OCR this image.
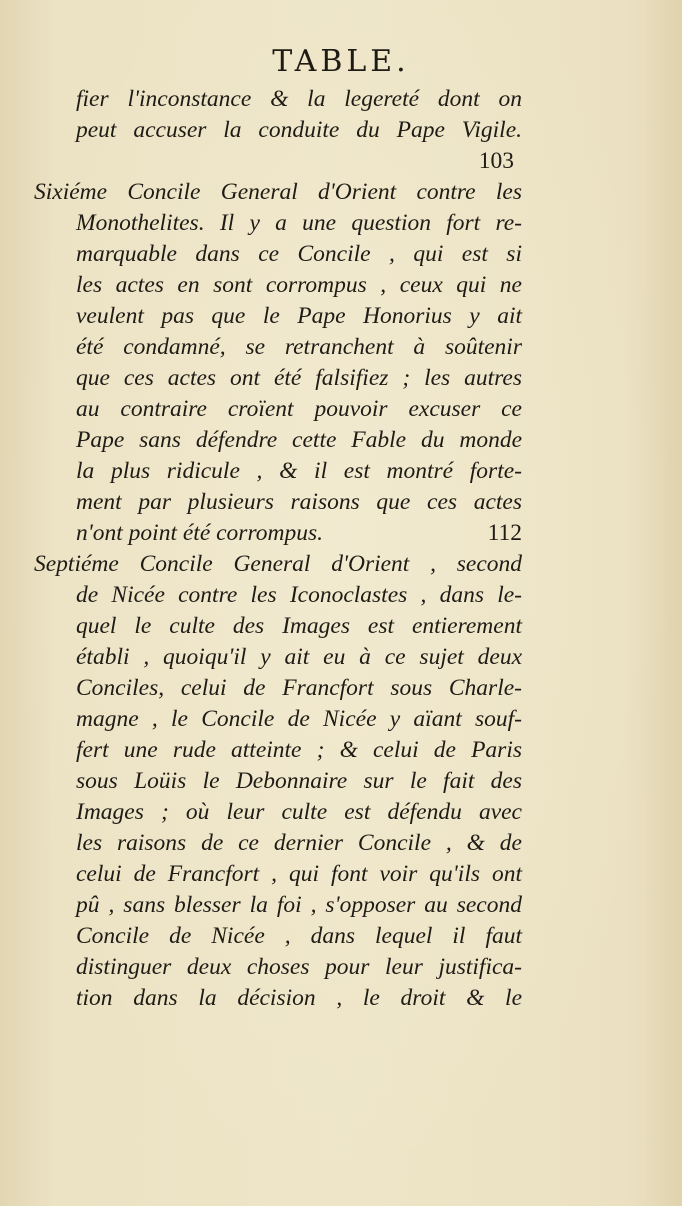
TABLE.
fier l'inconstance & la legereté dont on
peut accuser la conduite du Pape Vigile.
103
Sixiéme Concile General d'Orient contre les
Monothelites. Il y a une question fort re-
marquable dans ce Concile , qui est si
les actes en sont corrompus , ceux qui ne
veulent pas que le Pape Honorius y ait
été condamné, se retranchent à soûtenir
que ces actes ont été falsifiez ; les autres
au contraire croïent pouvoir excuser ce
Pape sans défendre cette Fable du monde
la plus ridicule , & il est montré forte-
ment par plusieurs raisons que ces actes
n'ont point été corrompus.	112
Septiéme Concile General d'Orient , second
de Nicée contre les Iconoclastes , dans le-
quel le culte des Images est entierement
établi , quoiqu'il y ait eu à ce sujet deux
Conciles, celui de Francfort sous Charle-
magne , le Concile de Nicée y aïant souf-
fert une rude atteinte ; & celui de Paris
sous Loüis le Debonnaire sur le fait des
Images ; où leur culte est défendu avec
les raisons de ce dernier Concile , & de
celui de Francfort , qui font voir qu'ils ont
pû , sans blesser la foi , s'opposer au second
Concile de Nicée , dans lequel il faut
distinguer deux choses pour leur justifica-
tion dans la décision , le droit & le
